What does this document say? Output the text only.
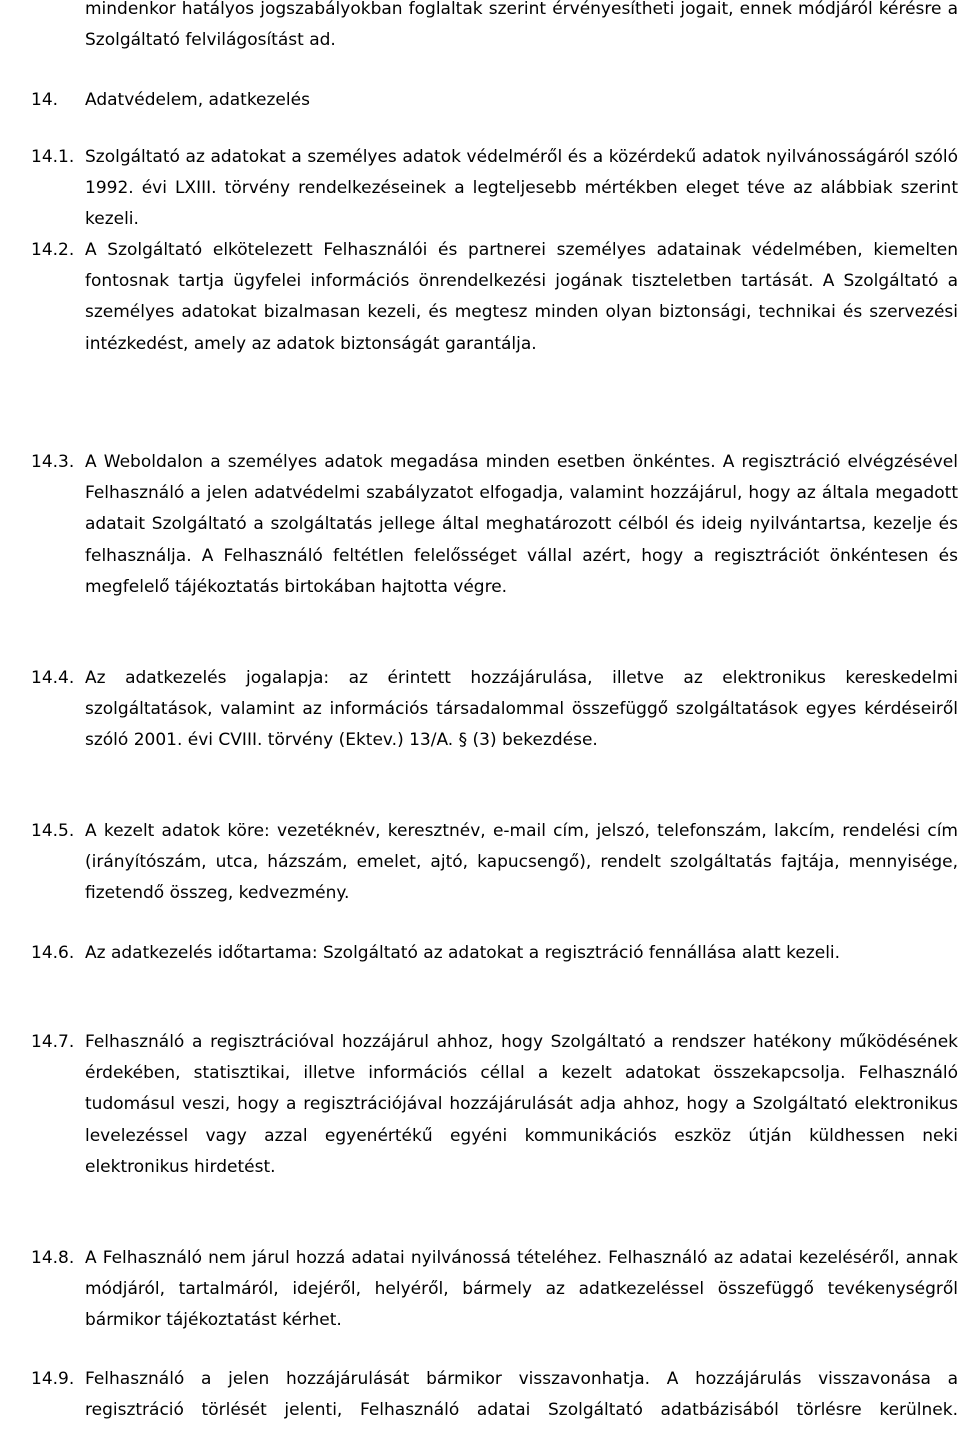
mindenkor hatályos jogszabályokban foglaltak szerint érvényesítheti jogait, ennek módjáról kérésre a Szolgáltató felvilágosítást ad.
14. Adatvédelem, adatkezelés
14.1. Szolgáltató az adatokat a személyes adatok védelméről és a közérdekű adatok nyilvánosságáról szóló 1992. évi LXIII. törvény rendelkezéseinek a legteljesebb mértékben eleget téve az alábbiak szerint kezeli.
14.2. A Szolgáltató elkötelezett Felhasználói és partnerei személyes adatainak védelmében, kiemelten fontosnak tartja ügyfelei információs önrendelkezési jogának tiszteletben tartását. A Szolgáltató a személyes adatokat bizalmasan kezeli, és megtesz minden olyan biztonsági, technikai és szervezési intézkedést, amely az adatok biztonságát garantálja.
14.3. A Weboldalon a személyes adatok megadása minden esetben önkéntes. A regisztráció elvégzésével Felhasználó a jelen adatvédelmi szabályzatot elfogadja, valamint hozzájárul, hogy az általa megadott adatait Szolgáltató a szolgáltatás jellege által meghatározott célból és ideig nyilvántartsa, kezelje és felhasználja. A Felhasználó feltétlen felelősséget vállal azért, hogy a regisztrációt önkéntesen és megfelelő tájékoztatás birtokában hajtotta végre.
14.4. Az adatkezelés jogalapja: az érintett hozzájárulása, illetve az elektronikus kereskedelmi szolgáltatások, valamint az információs társadalommal összefüggő szolgáltatások egyes kérdéseiről szóló 2001. évi CVIII. törvény (Ektev.) 13/A. § (3) bekezdése.
14.5. A kezelt adatok köre: vezetéknév, keresztnév, e-mail cím, jelszó, telefonszám, lakcím, rendelési cím (irányítószám, utca, házszám, emelet, ajtó, kapucsengő), rendelt szolgáltatás fajtája, mennyisége, fizetendő összeg, kedvezmény.
14.6. Az adatkezelés időtartama: Szolgáltató az adatokat a regisztráció fennállása alatt kezeli.
14.7. Felhasználó a regisztrációval hozzájárul ahhoz, hogy Szolgáltató a rendszer hatékony működésének érdekében, statisztikai, illetve információs céllal a kezelt adatokat összekapcsolja. Felhasználó tudomásul veszi, hogy a regisztrációjával hozzájárulását adja ahhoz, hogy a Szolgáltató elektronikus levelezéssel vagy azzal egyenértékű egyéni kommunikációs eszköz útján küldhessen neki elektronikus hirdetést.
14.8. A Felhasználó nem járul hozzá adatai nyilvánossá tételéhez. Felhasználó az adatai kezeléséről, annak módjáról, tartalmáról, idejéről, helyéről, bármely az adatkezeléssel összefüggő tevékenységről bármikor tájékoztatást kérhet.
14.9. Felhasználó a jelen hozzájárulását bármikor visszavonhatja. A hozzájárulás visszavonása a regisztráció törlését jelenti, Felhasználó adatai Szolgáltató adatbázisából törlésre kerülnek.
